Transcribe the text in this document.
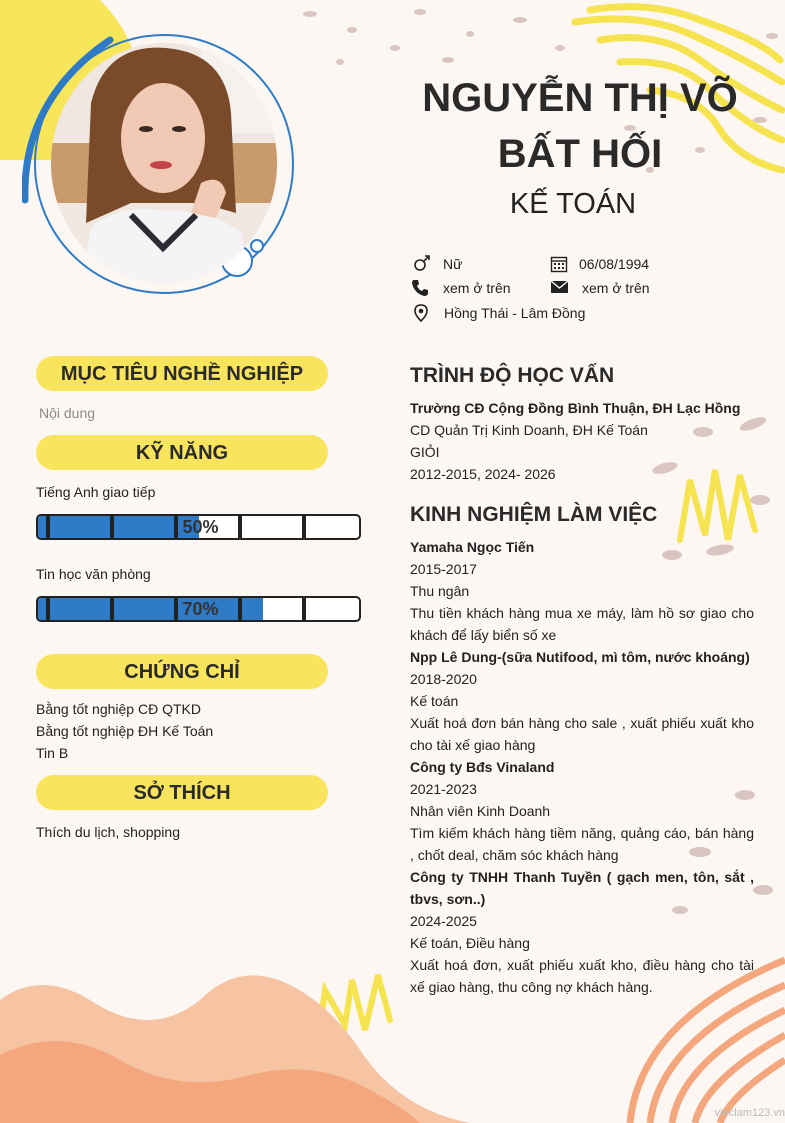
NGUYỄN THỊ VÕ BẤT HỐI
KẾ TOÁN
Nữ	06/08/1994
xem ở trên	xem ở trên
Hồng Thái - Lâm Đồng
MỤC TIÊU NGHỀ NGHIỆP
Nội dung
KỸ NĂNG
Tiếng Anh giao tiếp
50%
Tin học văn phòng
70%
CHỨNG CHỈ
Bằng tốt nghiệp CĐ QTKD
Bằng tốt nghiệp ĐH Kế Toán
Tin B
SỞ THÍCH
Thích du lịch, shopping
TRÌNH ĐỘ HỌC VẤN
Trường CĐ Cộng Đồng Bình Thuận, ĐH Lạc Hồng
CD Quản Trị Kinh Doanh, ĐH Kế Toán
GIỎI
2012-2015, 2024- 2026
KINH NGHIỆM LÀM VIỆC
Yamaha Ngọc Tiến
2015-2017
Thu ngân
Thu tiền khách hàng mua xe máy, làm hồ sơ giao cho khách để lấy biển số xe
Npp Lê Dung-(sữa Nutifood, mì tôm, nước khoáng)
2018-2020
Kế toán
Xuất hoá đơn bán hàng cho sale , xuất phiếu xuất kho cho tài xế giao hàng
Công ty Bđs Vinaland
2021-2023
Nhân viên Kinh Doanh
Tìm kiếm khách hàng tiềm năng, quảng cáo, bán hàng , chốt deal, chăm sóc khách hàng
Công ty TNHH Thanh Tuyền ( gạch men, tôn, sắt , tbvs, sơn..)
2024-2025
Kế toán, Điều hàng
Xuất hoá đơn, xuất phiếu xuất kho, điều hàng cho tài xế giao hàng, thu công nợ khách hàng.
vieclam123.vn
